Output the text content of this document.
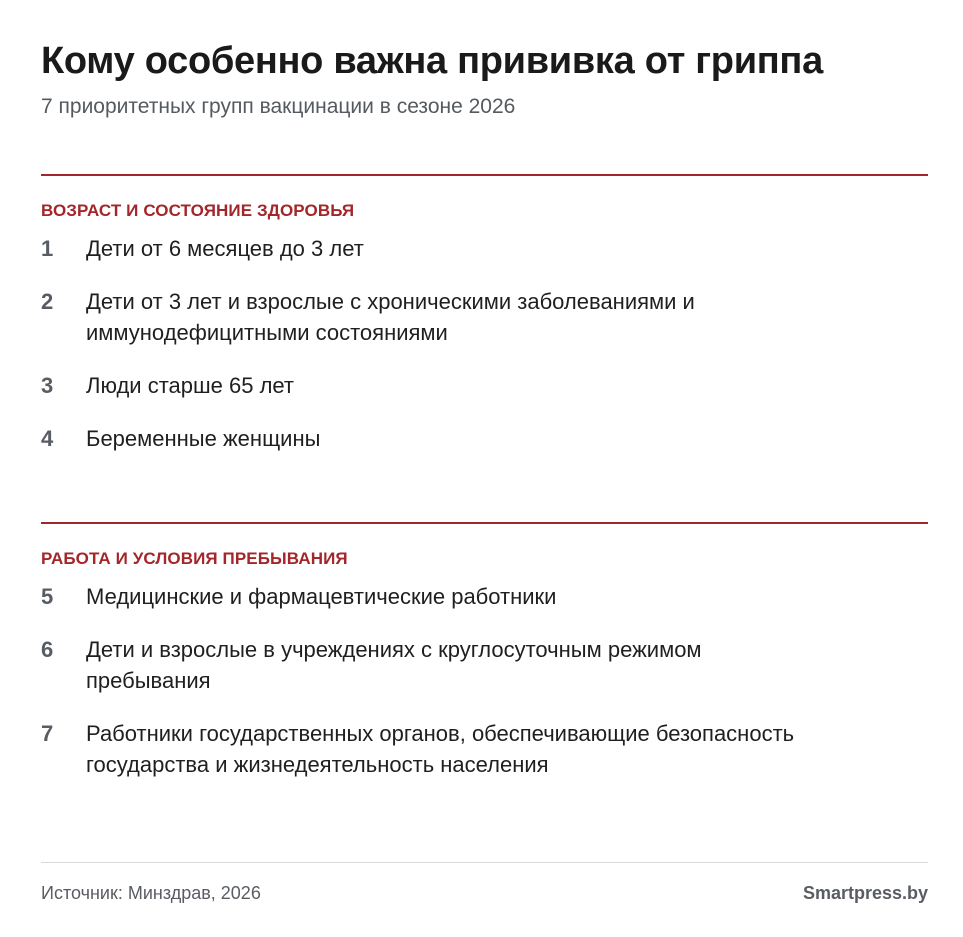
Кому особенно важна прививка от гриппа
7 приоритетных групп вакцинации в сезоне 2026
ВОЗРАСТ И СОСТОЯНИЕ ЗДОРОВЬЯ
1 Дети от 6 месяцев до 3 лет
2 Дети от 3 лет и взрослые с хроническими заболеваниями и иммунодефицитными состояниями
3 Люди старше 65 лет
4 Беременные женщины
РАБОТА И УСЛОВИЯ ПРЕБЫВАНИЯ
5 Медицинские и фармацевтические работники
6 Дети и взрослые в учреждениях с круглосуточным режимом пребывания
7 Работники государственных органов, обеспечивающие безопасность государства и жизнедеятельность населения
Источник: Минздрав, 2026	Smartpress.by
